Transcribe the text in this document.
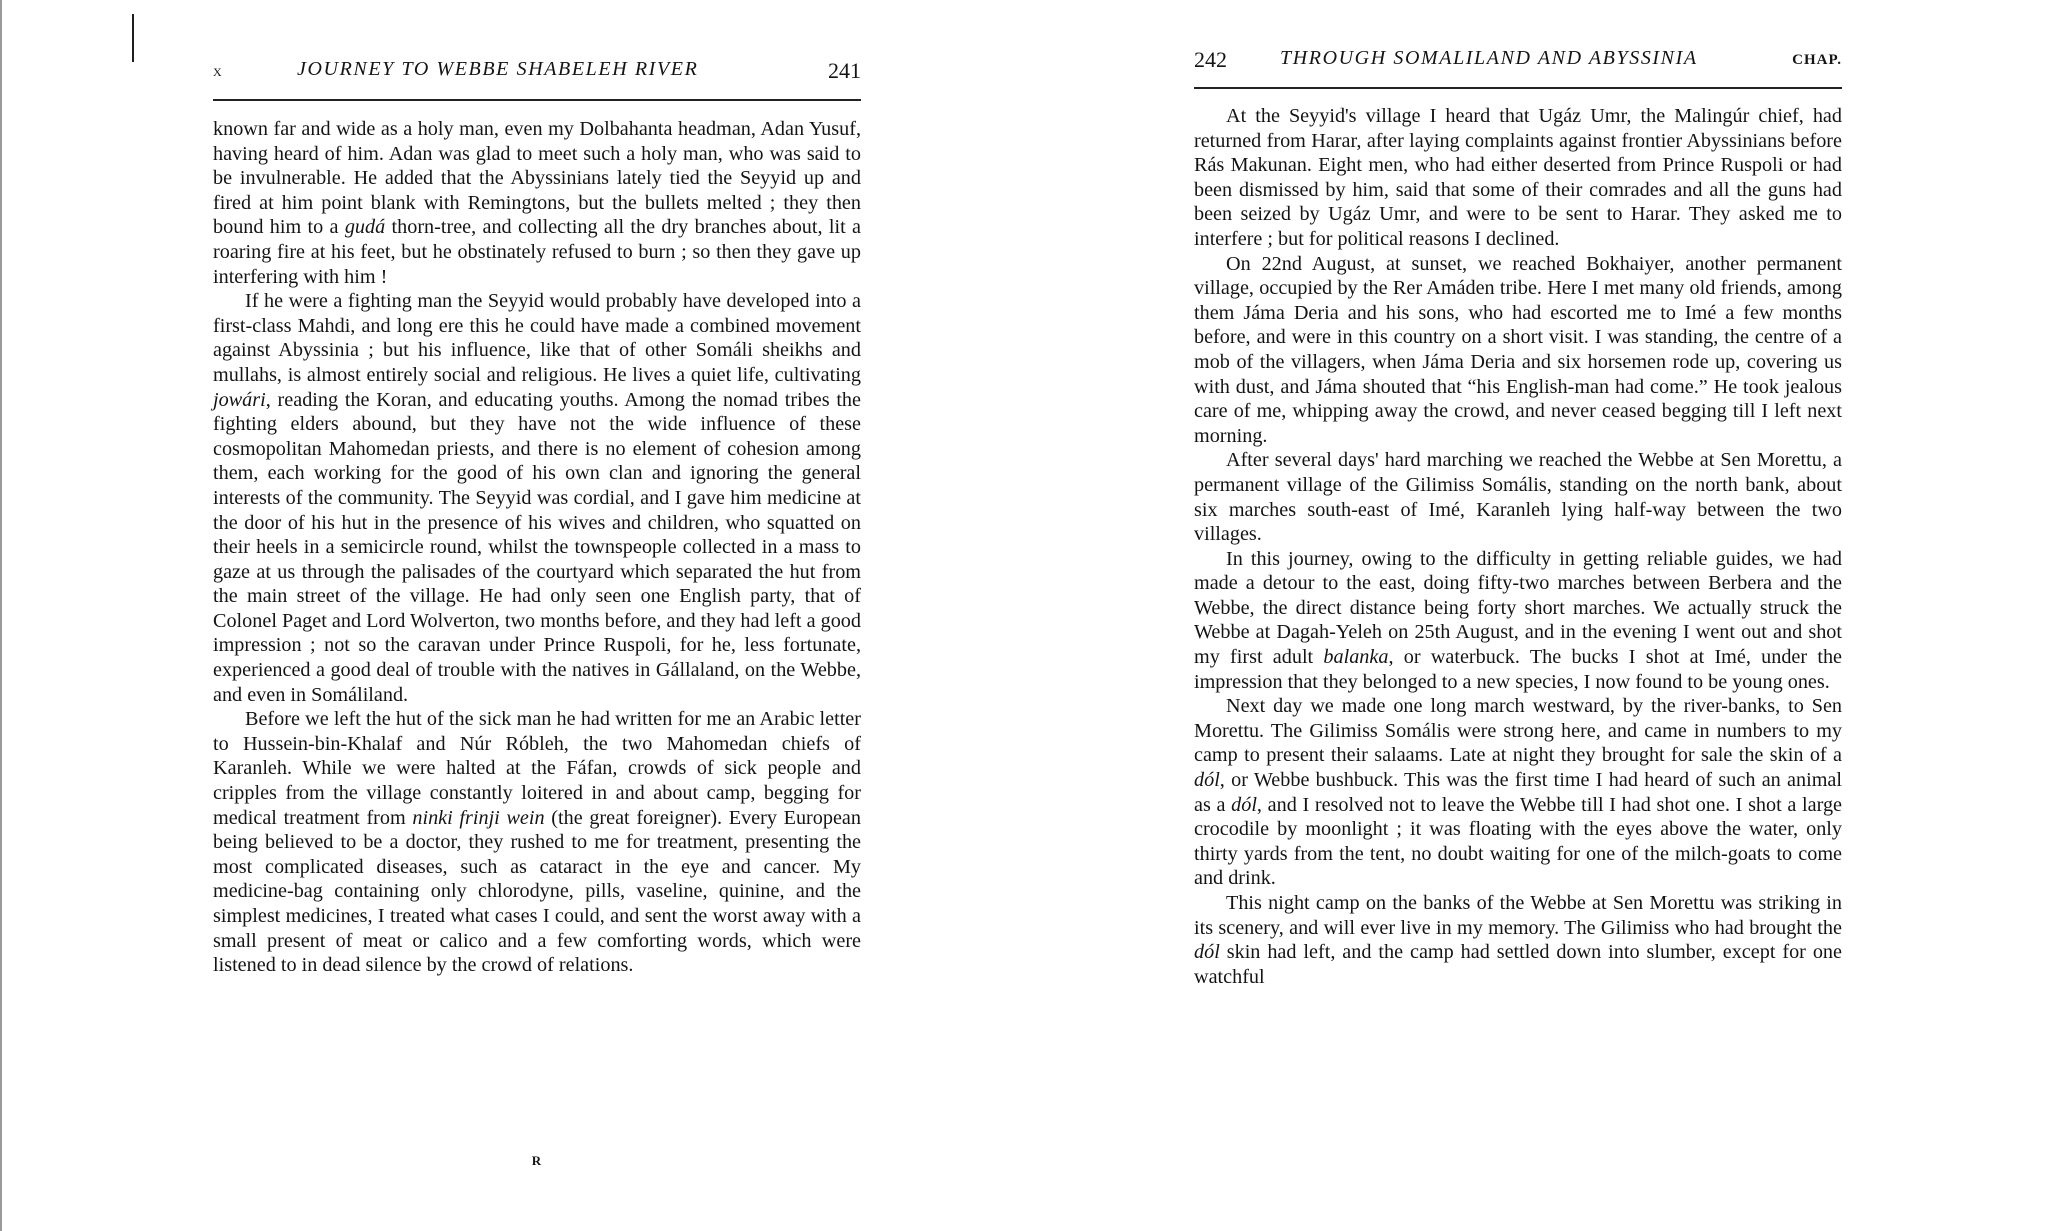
x	JOURNEY TO WEBBE SHABELEH RIVER	241

known far and wide as a holy man, even my Dolbahanta headman, Adan Yusuf, having heard of him. Adan was glad to meet such a holy man, who was said to be invulnerable. He added that the Abyssinians lately tied the Seyyid up and fired at him point blank with Remingtons, but the bullets melted ; they then bound him to a gudá thorn-tree, and collecting all the dry branches about, lit a roaring fire at his feet, but he obstinately refused to burn ; so then they gave up interfering with him !

If he were a fighting man the Seyyid would probably have developed into a first-class Mahdi, and long ere this he could have made a combined movement against Abyssinia ; but his influence, like that of other Somáli sheikhs and mullahs, is almost entirely social and religious. He lives a quiet life, cultivating jowári, reading the Koran, and educating youths. Among the nomad tribes the fighting elders abound, but they have not the wide influence of these cosmopolitan Mahomedan priests, and there is no element of cohesion among them, each working for the good of his own clan and ignoring the general interests of the community. The Seyyid was cordial, and I gave him medicine at the door of his hut in the presence of his wives and children, who squatted on their heels in a semicircle round, whilst the townspeople collected in a mass to gaze at us through the palisades of the courtyard which separated the hut from the main street of the village. He had only seen one English party, that of Colonel Paget and Lord Wolverton, two months before, and they had left a good impression ; not so the caravan under Prince Ruspoli, for he, less fortunate, experienced a good deal of trouble with the natives in Gállaland, on the Webbe, and even in Somáliland.

Before we left the hut of the sick man he had written for me an Arabic letter to Hussein-bin-Khalaf and Núr Róbleh, the two Mahomedan chiefs of Karanleh. While we were halted at the Fáfan, crowds of sick people and cripples from the village constantly loitered in and about camp, begging for medical treatment from ninki frinji wein (the great foreigner). Every European being believed to be a doctor, they rushed to me for treatment, presenting the most complicated diseases, such as cataract in the eye and cancer. My medicine-bag containing only chlorodyne, pills, vaseline, quinine, and the simplest medicines, I treated what cases I could, and sent the worst away with a small present of meat or calico and a few comforting words, which were listened to in dead silence by the crowd of relations.

R
242	THROUGH SOMALILAND AND ABYSSINIA	CHAP.

At the Seyyid's village I heard that Ugáz Umr, the Malingúr chief, had returned from Harar, after laying complaints against frontier Abyssinians before Rás Makunan. Eight men, who had either deserted from Prince Ruspoli or had been dismissed by him, said that some of their comrades and all the guns had been seized by Ugáz Umr, and were to be sent to Harar. They asked me to interfere ; but for political reasons I declined.

On 22nd August, at sunset, we reached Bokhaiyer, another permanent village, occupied by the Rer Amáden tribe. Here I met many old friends, among them Jáma Deria and his sons, who had escorted me to Imé a few months before, and were in this country on a short visit. I was standing, the centre of a mob of the villagers, when Jáma Deria and six horsemen rode up, covering us with dust, and Jáma shouted that “his English-man had come.” He took jealous care of me, whipping away the crowd, and never ceased begging till I left next morning.

After several days' hard marching we reached the Webbe at Sen Morettu, a permanent village of the Gilimiss Somális, standing on the north bank, about six marches south-east of Imé, Karanleh lying half-way between the two villages.

In this journey, owing to the difficulty in getting reliable guides, we had made a detour to the east, doing fifty-two marches between Berbera and the Webbe, the direct distance being forty short marches. We actually struck the Webbe at Dagah-Yeleh on 25th August, and in the evening I went out and shot my first adult balanka, or waterbuck. The bucks I shot at Imé, under the impression that they belonged to a new species, I now found to be young ones.

Next day we made one long march westward, by the river-banks, to Sen Morettu. The Gilimiss Somális were strong here, and came in numbers to my camp to present their salaams. Late at night they brought for sale the skin of a dól, or Webbe bushbuck. This was the first time I had heard of such an animal as a dól, and I resolved not to leave the Webbe till I had shot one. I shot a large crocodile by moonlight ; it was floating with the eyes above the water, only thirty yards from the tent, no doubt waiting for one of the milch-goats to come and drink.

This night camp on the banks of the Webbe at Sen Morettu was striking in its scenery, and will ever live in my memory. The Gilimiss who had brought the dól skin had left, and the camp had settled down into slumber, except for one watchful
